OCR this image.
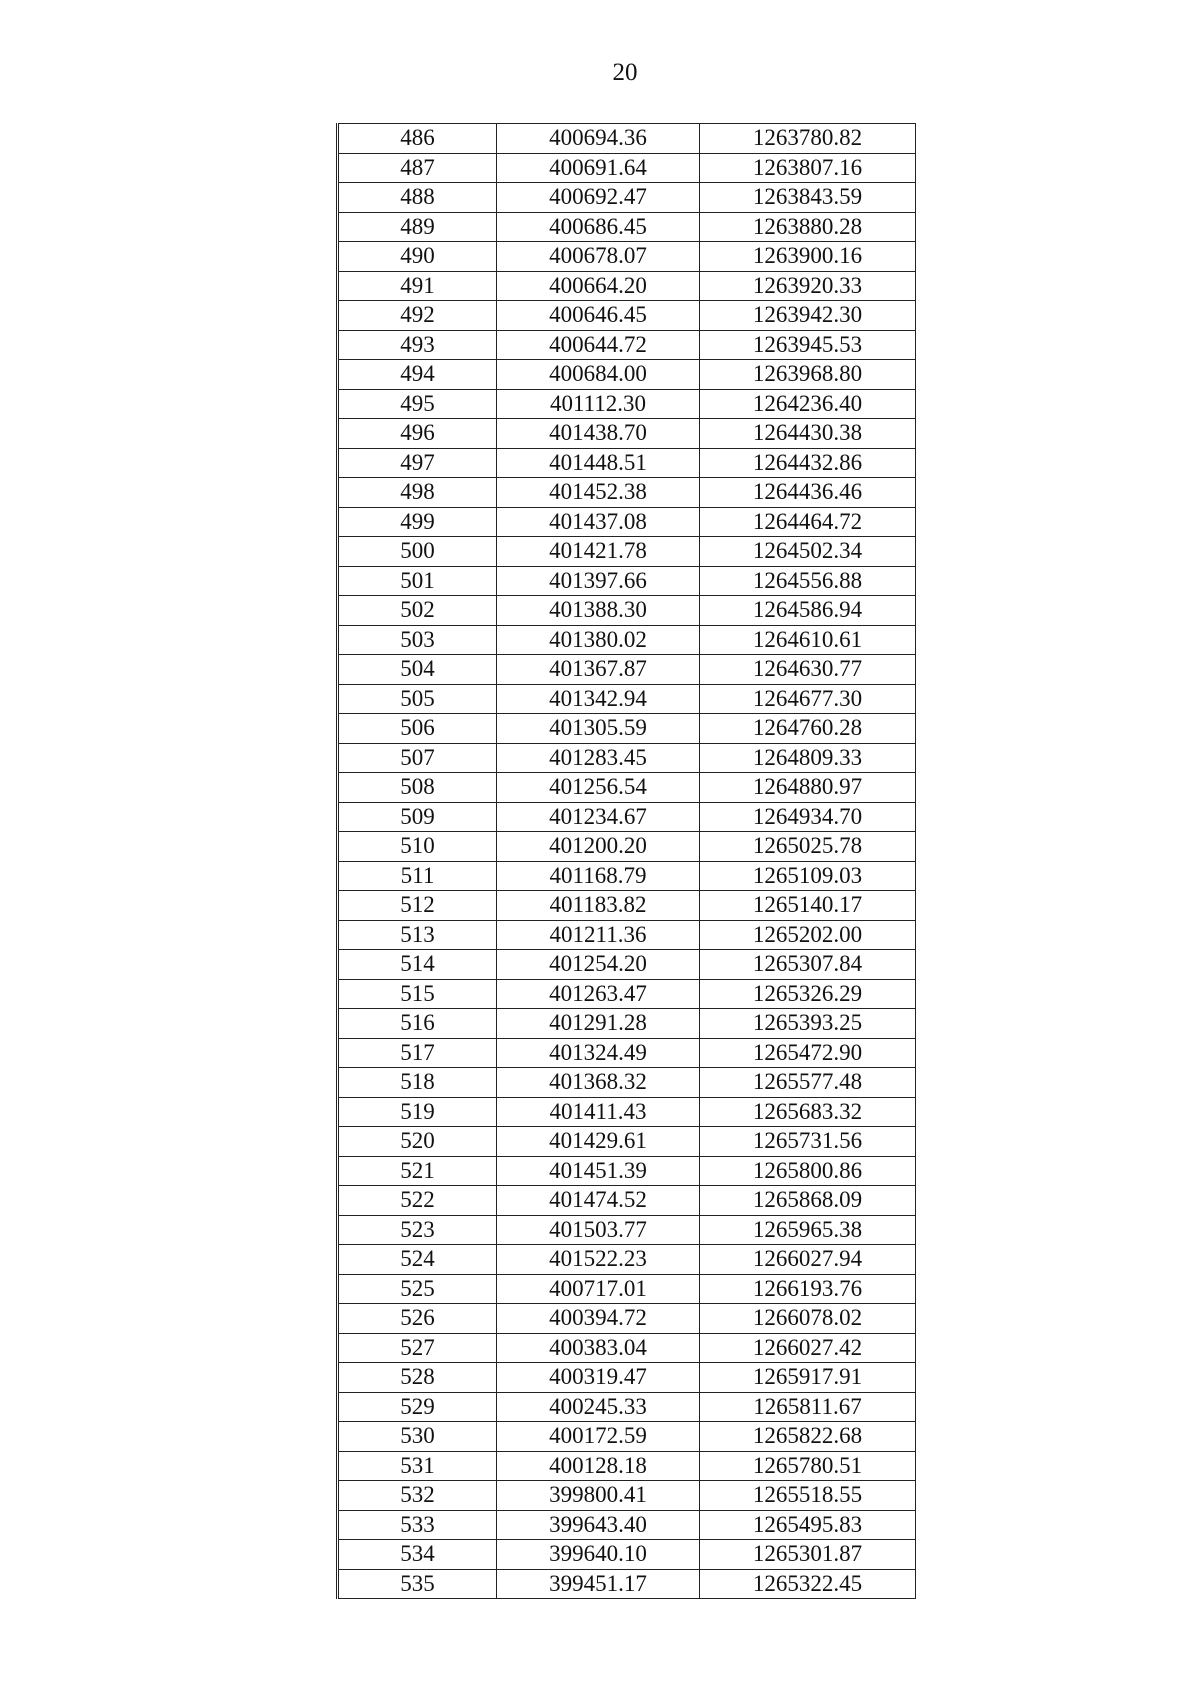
20
486	400694.36	1263780.82
487	400691.64	1263807.16
488	400692.47	1263843.59
489	400686.45	1263880.28
490	400678.07	1263900.16
491	400664.20	1263920.33
492	400646.45	1263942.30
493	400644.72	1263945.53
494	400684.00	1263968.80
495	401112.30	1264236.40
496	401438.70	1264430.38
497	401448.51	1264432.86
498	401452.38	1264436.46
499	401437.08	1264464.72
500	401421.78	1264502.34
501	401397.66	1264556.88
502	401388.30	1264586.94
503	401380.02	1264610.61
504	401367.87	1264630.77
505	401342.94	1264677.30
506	401305.59	1264760.28
507	401283.45	1264809.33
508	401256.54	1264880.97
509	401234.67	1264934.70
510	401200.20	1265025.78
511	401168.79	1265109.03
512	401183.82	1265140.17
513	401211.36	1265202.00
514	401254.20	1265307.84
515	401263.47	1265326.29
516	401291.28	1265393.25
517	401324.49	1265472.90
518	401368.32	1265577.48
519	401411.43	1265683.32
520	401429.61	1265731.56
521	401451.39	1265800.86
522	401474.52	1265868.09
523	401503.77	1265965.38
524	401522.23	1266027.94
525	400717.01	1266193.76
526	400394.72	1266078.02
527	400383.04	1266027.42
528	400319.47	1265917.91
529	400245.33	1265811.67
530	400172.59	1265822.68
531	400128.18	1265780.51
532	399800.41	1265518.55
533	399643.40	1265495.83
534	399640.10	1265301.87
535	399451.17	1265322.45
